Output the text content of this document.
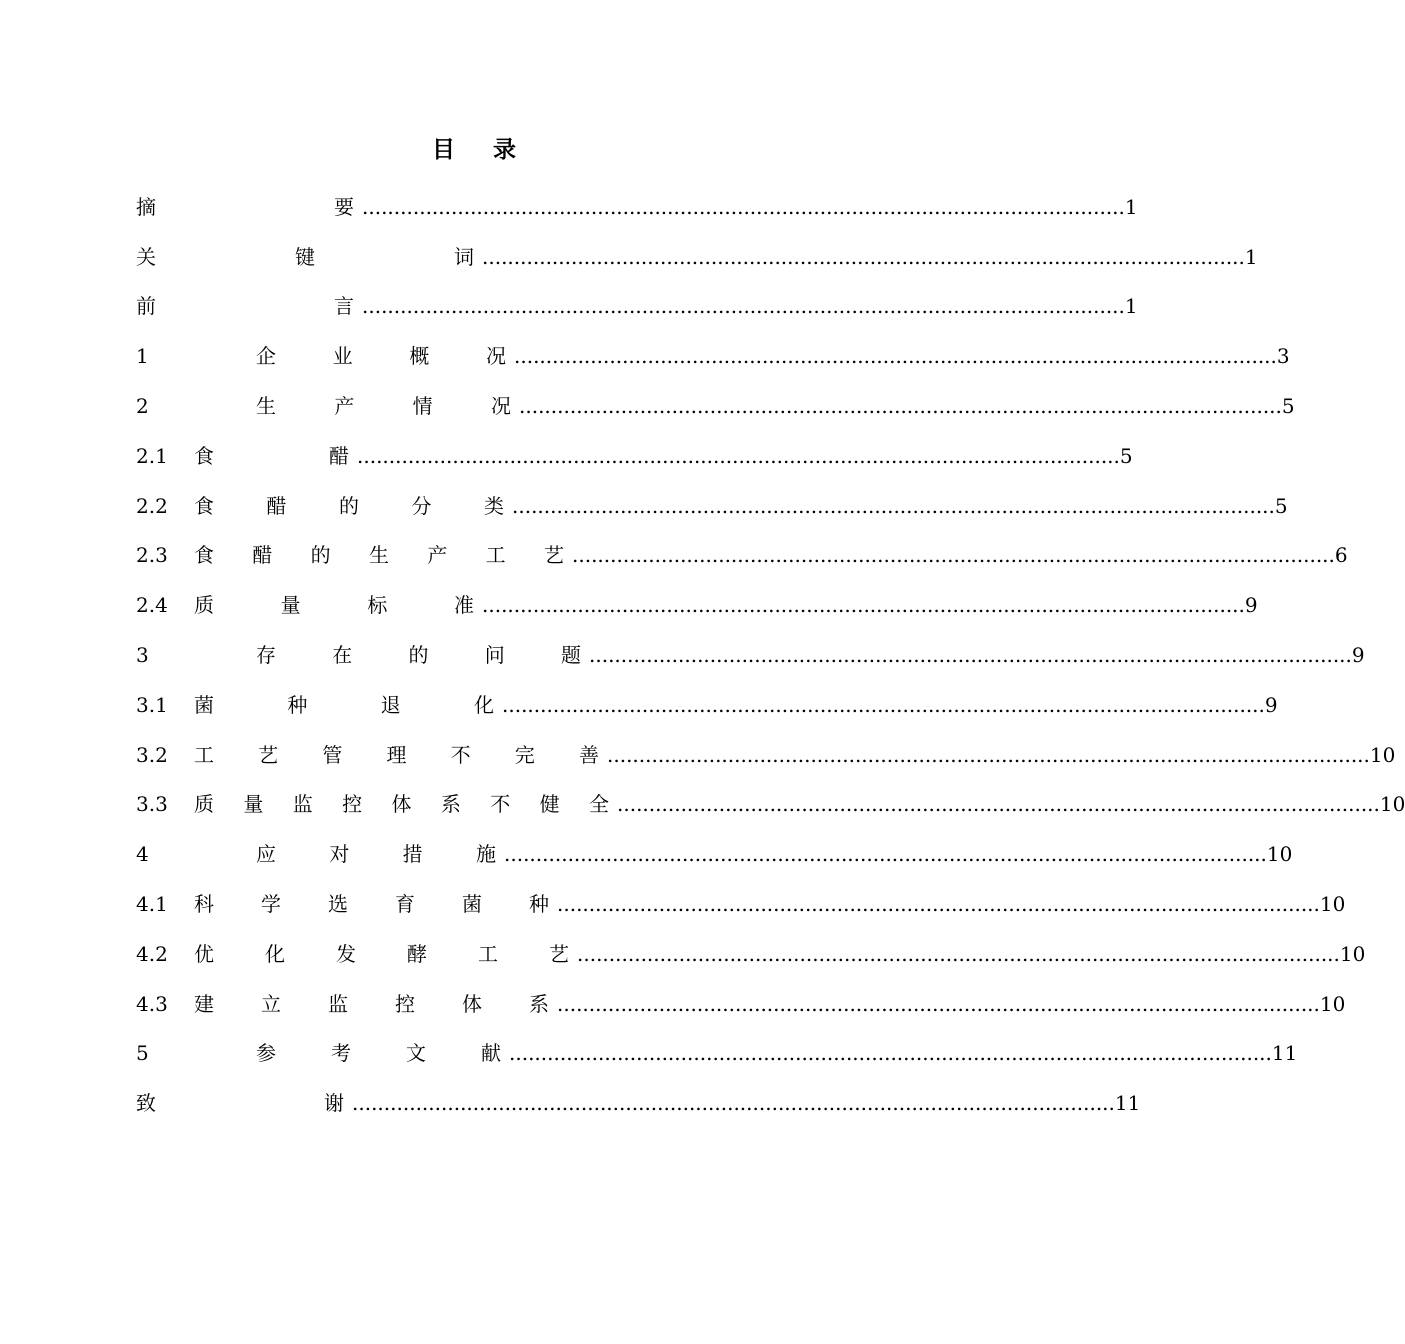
目 录
摘	要 ........................................................................................................................ 1
关	键	词 ........................................................................................................................ 1
前	言 ........................................................................................................................ 1
1	企	业	概	况 ........................................................................................................................ 3
2	生	产	情	况 ........................................................................................................................ 5
2.1	食	醋 ........................................................................................................................ 5
2.2	食	醋	的	分	类 ........................................................................................................................ 5
2.3	食 醋 的 生 产 工 艺 ........................................................................................................................ 6
2.4	质	量	标	准 ........................................................................................................................ 9
3	存	在	的	问	题 ........................................................................................................................ 9
3.1	菌	种	退	化 ........................................................................................................................ 9
3.2	工 艺 管 理 不 完 善 ........................................................................................................................ 10
3.3	质 量 监 控 体 系 不 健 全 ........................................................................................................................ 10
4	应	对	措	施 ........................................................................................................................ 10
4.1	科 学 选 育 菌 种 ........................................................................................................................ 10
4.2	优	化	发	酵	工	艺 ........................................................................................................................ 10
4.3	建 立 监 控 体 系 ........................................................................................................................ 10
5	参	考	文	献 ........................................................................................................................ 11
致	谢 ........................................................................................................................ 11
